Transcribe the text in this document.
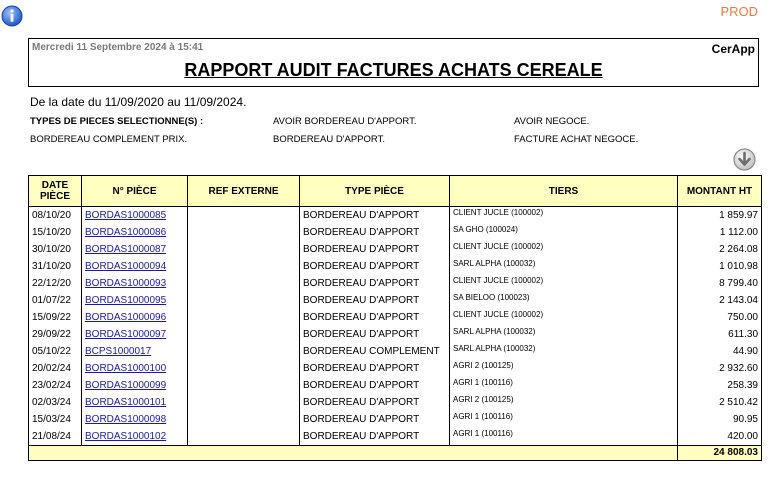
PROD
Mercredi 11 Septembre 2024 à 15:41	CerApp
RAPPORT AUDIT FACTURES ACHATS CEREALE
De la date du 11/09/2020 au 11/09/2024.
TYPES DE PIECES SELECTIONNE(S) :	AVOIR BORDEREAU D'APPORT.	AVOIR NEGOCE.
BORDEREAU COMPLEMENT PRIX.	BORDEREAU D'APPORT.	FACTURE ACHAT NEGOCE.
DATE PIÈCE	N° PIÈCE	REF EXTERNE	TYPE PIÈCE	TIERS	MONTANT HT
08/10/20	BORDAS1000085		BORDEREAU D'APPORT	CLIENT JUCLE (100002)	1 859.97
15/10/20	BORDAS1000086		BORDEREAU D'APPORT	SA GHO (100024)	1 112.00
30/10/20	BORDAS1000087		BORDEREAU D'APPORT	CLIENT JUCLE (100002)	2 264.08
31/10/20	BORDAS1000094		BORDEREAU D'APPORT	SARL ALPHA (100032)	1 010.98
22/12/20	BORDAS1000093		BORDEREAU D'APPORT	CLIENT JUCLE (100002)	8 799.40
01/07/22	BORDAS1000095		BORDEREAU D'APPORT	SA BIELOO (100023)	2 143.04
15/09/22	BORDAS1000096		BORDEREAU D'APPORT	CLIENT JUCLE (100002)	750.00
29/09/22	BORDAS1000097		BORDEREAU D'APPORT	SARL ALPHA (100032)	611.30
05/10/22	BCPS1000017		BORDEREAU COMPLEMENT	SARL ALPHA (100032)	44.90
20/02/24	BORDAS1000100		BORDEREAU D'APPORT	AGRI 2 (100125)	2 932.60
23/02/24	BORDAS1000099		BORDEREAU D'APPORT	AGRI 1 (100116)	258.39
02/03/24	BORDAS1000101		BORDEREAU D'APPORT	AGRI 2 (100125)	2 510.42
15/03/24	BORDAS1000098		BORDEREAU D'APPORT	AGRI 1 (100116)	90.95
21/08/24	BORDAS1000102		BORDEREAU D'APPORT	AGRI 1 (100116)	420.00
					24 808.03
